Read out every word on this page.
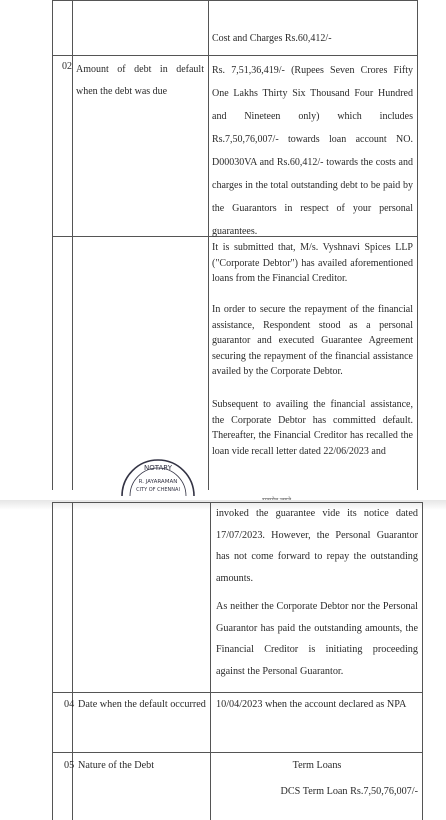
Cost and Charges Rs.60,412/-
02 Amount of debt in default when the debt was due
Rs. 7,51,36,419/- (Rupees Seven Crores Fifty One Lakhs Thirty Six Thousand Four Hundred and Nineteen only) which includes Rs.7,50,76,007/- towards loan account NO. D00030VA and Rs.60,412/- towards the costs and charges in the total outstanding debt to be paid by the Guarantors in respect of your personal guarantees.
It is submitted that, M/s. Vyshnavi Spices LLP ("Corporate Debtor") has availed aforementioned loans from the Financial Creditor.
In order to secure the repayment of the financial assistance, Respondent stood as a personal guarantor and executed Guarantee Agreement securing the repayment of the financial assistance availed by the Corporate Debtor.
Subsequent to availing the financial assistance, the Corporate Debtor has committed default. Thereafter, the Financial Creditor has recalled the loan vide recall letter dated 22/06/2023 and
NOTARY
R. JAYARAMAN
CITY OF CHENNAI
invoked the guarantee vide its notice dated 17/07/2023. However, the Personal Guarantor has not come forward to repay the outstanding amounts.
As neither the Corporate Debtor nor the Personal Guarantor has paid the outstanding amounts, the Financial Creditor is initiating proceeding against the Personal Guarantor.
04 Date when the default occurred 10/04/2023 when the account declared as NPA
05 Nature of the Debt	Term Loans
DCS Term Loan Rs.7,50,76,007/-
